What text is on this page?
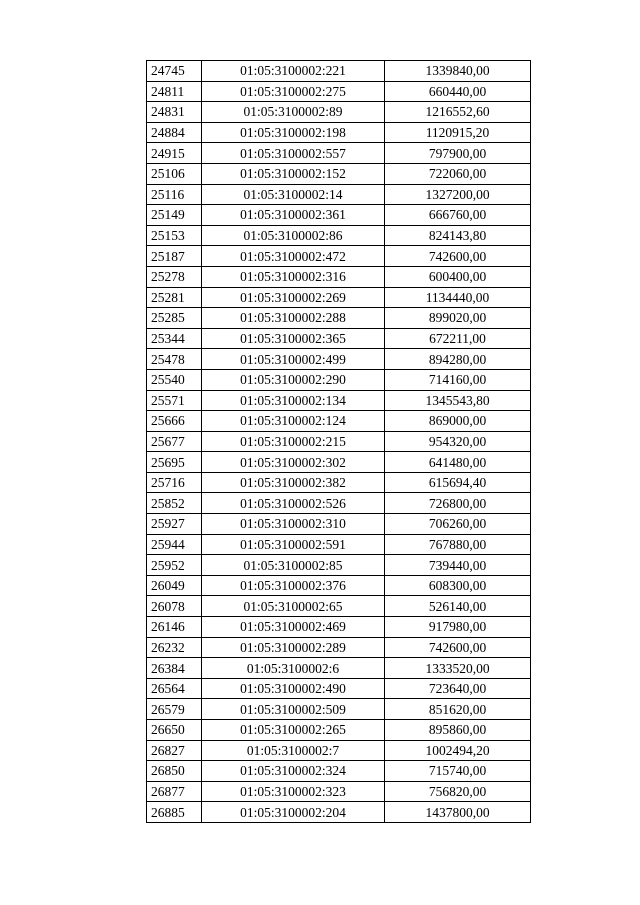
24745	01:05:3100002:221	1339840,00
24811	01:05:3100002:275	660440,00
24831	01:05:3100002:89	1216552,60
24884	01:05:3100002:198	1120915,20
24915	01:05:3100002:557	797900,00
25106	01:05:3100002:152	722060,00
25116	01:05:3100002:14	1327200,00
25149	01:05:3100002:361	666760,00
25153	01:05:3100002:86	824143,80
25187	01:05:3100002:472	742600,00
25278	01:05:3100002:316	600400,00
25281	01:05:3100002:269	1134440,00
25285	01:05:3100002:288	899020,00
25344	01:05:3100002:365	672211,00
25478	01:05:3100002:499	894280,00
25540	01:05:3100002:290	714160,00
25571	01:05:3100002:134	1345543,80
25666	01:05:3100002:124	869000,00
25677	01:05:3100002:215	954320,00
25695	01:05:3100002:302	641480,00
25716	01:05:3100002:382	615694,40
25852	01:05:3100002:526	726800,00
25927	01:05:3100002:310	706260,00
25944	01:05:3100002:591	767880,00
25952	01:05:3100002:85	739440,00
26049	01:05:3100002:376	608300,00
26078	01:05:3100002:65	526140,00
26146	01:05:3100002:469	917980,00
26232	01:05:3100002:289	742600,00
26384	01:05:3100002:6	1333520,00
26564	01:05:3100002:490	723640,00
26579	01:05:3100002:509	851620,00
26650	01:05:3100002:265	895860,00
26827	01:05:3100002:7	1002494,20
26850	01:05:3100002:324	715740,00
26877	01:05:3100002:323	756820,00
26885	01:05:3100002:204	1437800,00
